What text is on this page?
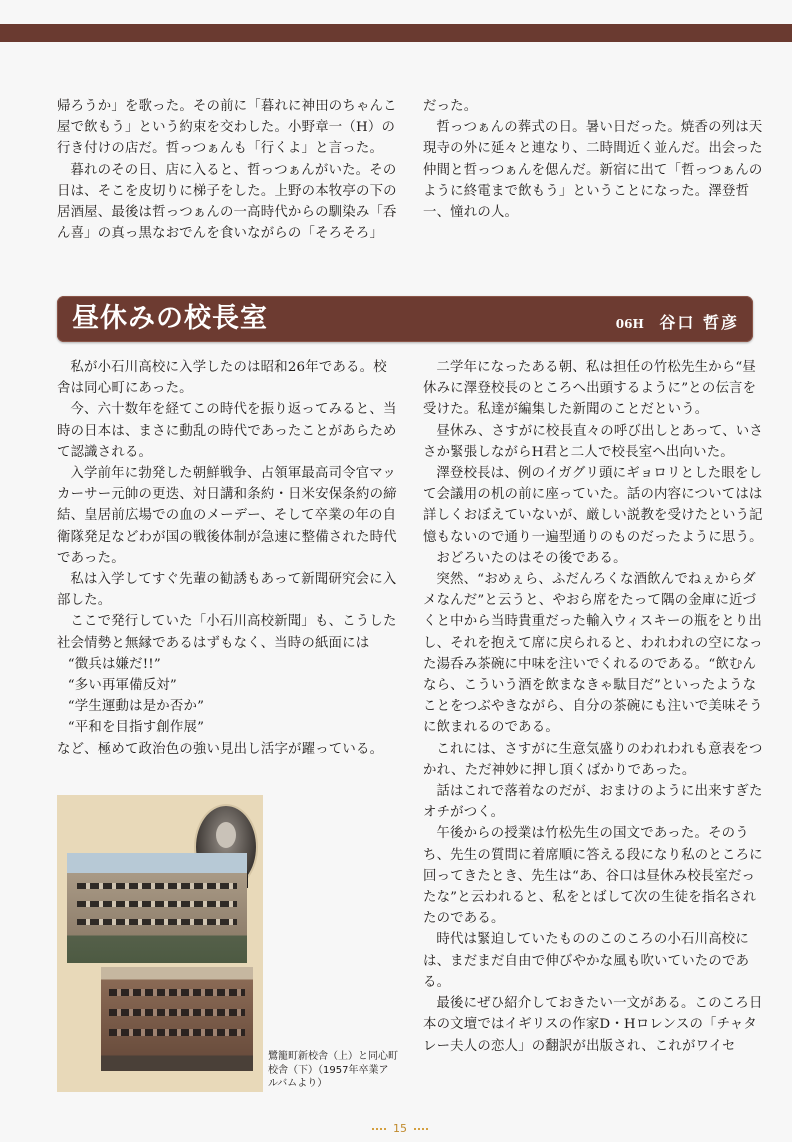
帰ろうか」を歌った。その前に「暮れに神田のちゃんこ屋で飲もう」という約束を交わした。小野章一（H）の行き付けの店だ。哲っつぁんも「行くよ」と言った。

暮れのその日、店に入ると、哲っつぁんがいた。その日は、そこを皮切りに梯子をした。上野の本牧亭の下の居酒屋、最後は哲っつぁんの一高時代からの馴染み「呑ん喜」の真っ黒なおでんを食いながらの「そろそろ」

だった。

哲っつぁんの葬式の日。暑い日だった。焼香の列は天現寺の外に延々と連なり、二時間近く並んだ。出会った仲間と哲っつぁんを偲んだ。新宿に出て「哲っつぁんのように終電まで飲もう」ということになった。澤登哲一、憧れの人。

昼休みの校長室	06H 谷口 哲彦

私が小石川高校に入学したのは昭和26年である。校舎は同心町にあった。

今、六十数年を経てこの時代を振り返ってみると、当時の日本は、まさに動乱の時代であったことがあらためて認識される。

入学前年に勃発した朝鮮戦争、占領軍最高司令官マッカーサー元帥の更迭、対日講和条約・日米安保条約の締結、皇居前広場での血のメーデー、そして卒業の年の自衛隊発足などわが国の戦後体制が急速に整備された時代であった。

私は入学してすぐ先輩の勧誘もあって新聞研究会に入部した。

ここで発行していた「小石川高校新聞」も、こうした社会情勢と無縁であるはずもなく、当時の紙面には

“徴兵は嫌だ!!”

“多い再軍備反対”

“学生運動は是か否か”

“平和を目指す創作展”

など、極めて政治色の強い見出し活字が躍っている。

二学年になったある朝、私は担任の竹松先生から“昼休みに澤登校長のところへ出頭するように”との伝言を受けた。私達が編集した新聞のことだという。

昼休み、さすがに校長直々の呼び出しとあって、いささか緊張しながらH君と二人で校長室へ出向いた。

澤登校長は、例のイガグリ頭にギョロリとした眼をして会議用の机の前に座っていた。話の内容についてはは詳しくおぼえていないが、厳しい説教を受けたという記憶もないので通り一遍型通りのものだったように思う。

おどろいたのはその後である。

突然、“おめぇら、ふだんろくな酒飲んでねぇからダメなんだ”と云うと、やおら席をたって隅の金庫に近づくと中から当時貴重だった輸入ウィスキーの瓶をとり出し、それを抱えて席に戻られると、われわれの空になった湯呑み茶碗に中味を注いでくれるのである。“飲むんなら、こういう酒を飲まなきゃ駄目だ”といったようなことをつぶやきながら、自分の茶碗にも注いで美味そうに飲まれるのである。

これには、さすがに生意気盛りのわれわれも意表をつかれ、ただ神妙に押し頂くばかりであった。

話はこれで落着なのだが、おまけのように出来すぎたオチがつく。

午後からの授業は竹松先生の国文であった。そのうち、先生の質問に着席順に答える段になり私のところに回ってきたとき、先生は“あ、谷口は昼休み校長室だったな”と云われると、私をとばして次の生徒を指名されたのである。

時代は緊迫していたもののこのころの小石川高校には、まだまだ自由で伸びやかな風も吹いていたのである。

最後にぜひ紹介しておきたい一文がある。このころ日本の文壇ではイギリスの作家D・Hロレンスの「チャタレー夫人の恋人」の翻訳が出版され、これがワイセ

鷺籠町新校舎（上）と同心町校舎（下）（1957年卒業アルバムより）
15
